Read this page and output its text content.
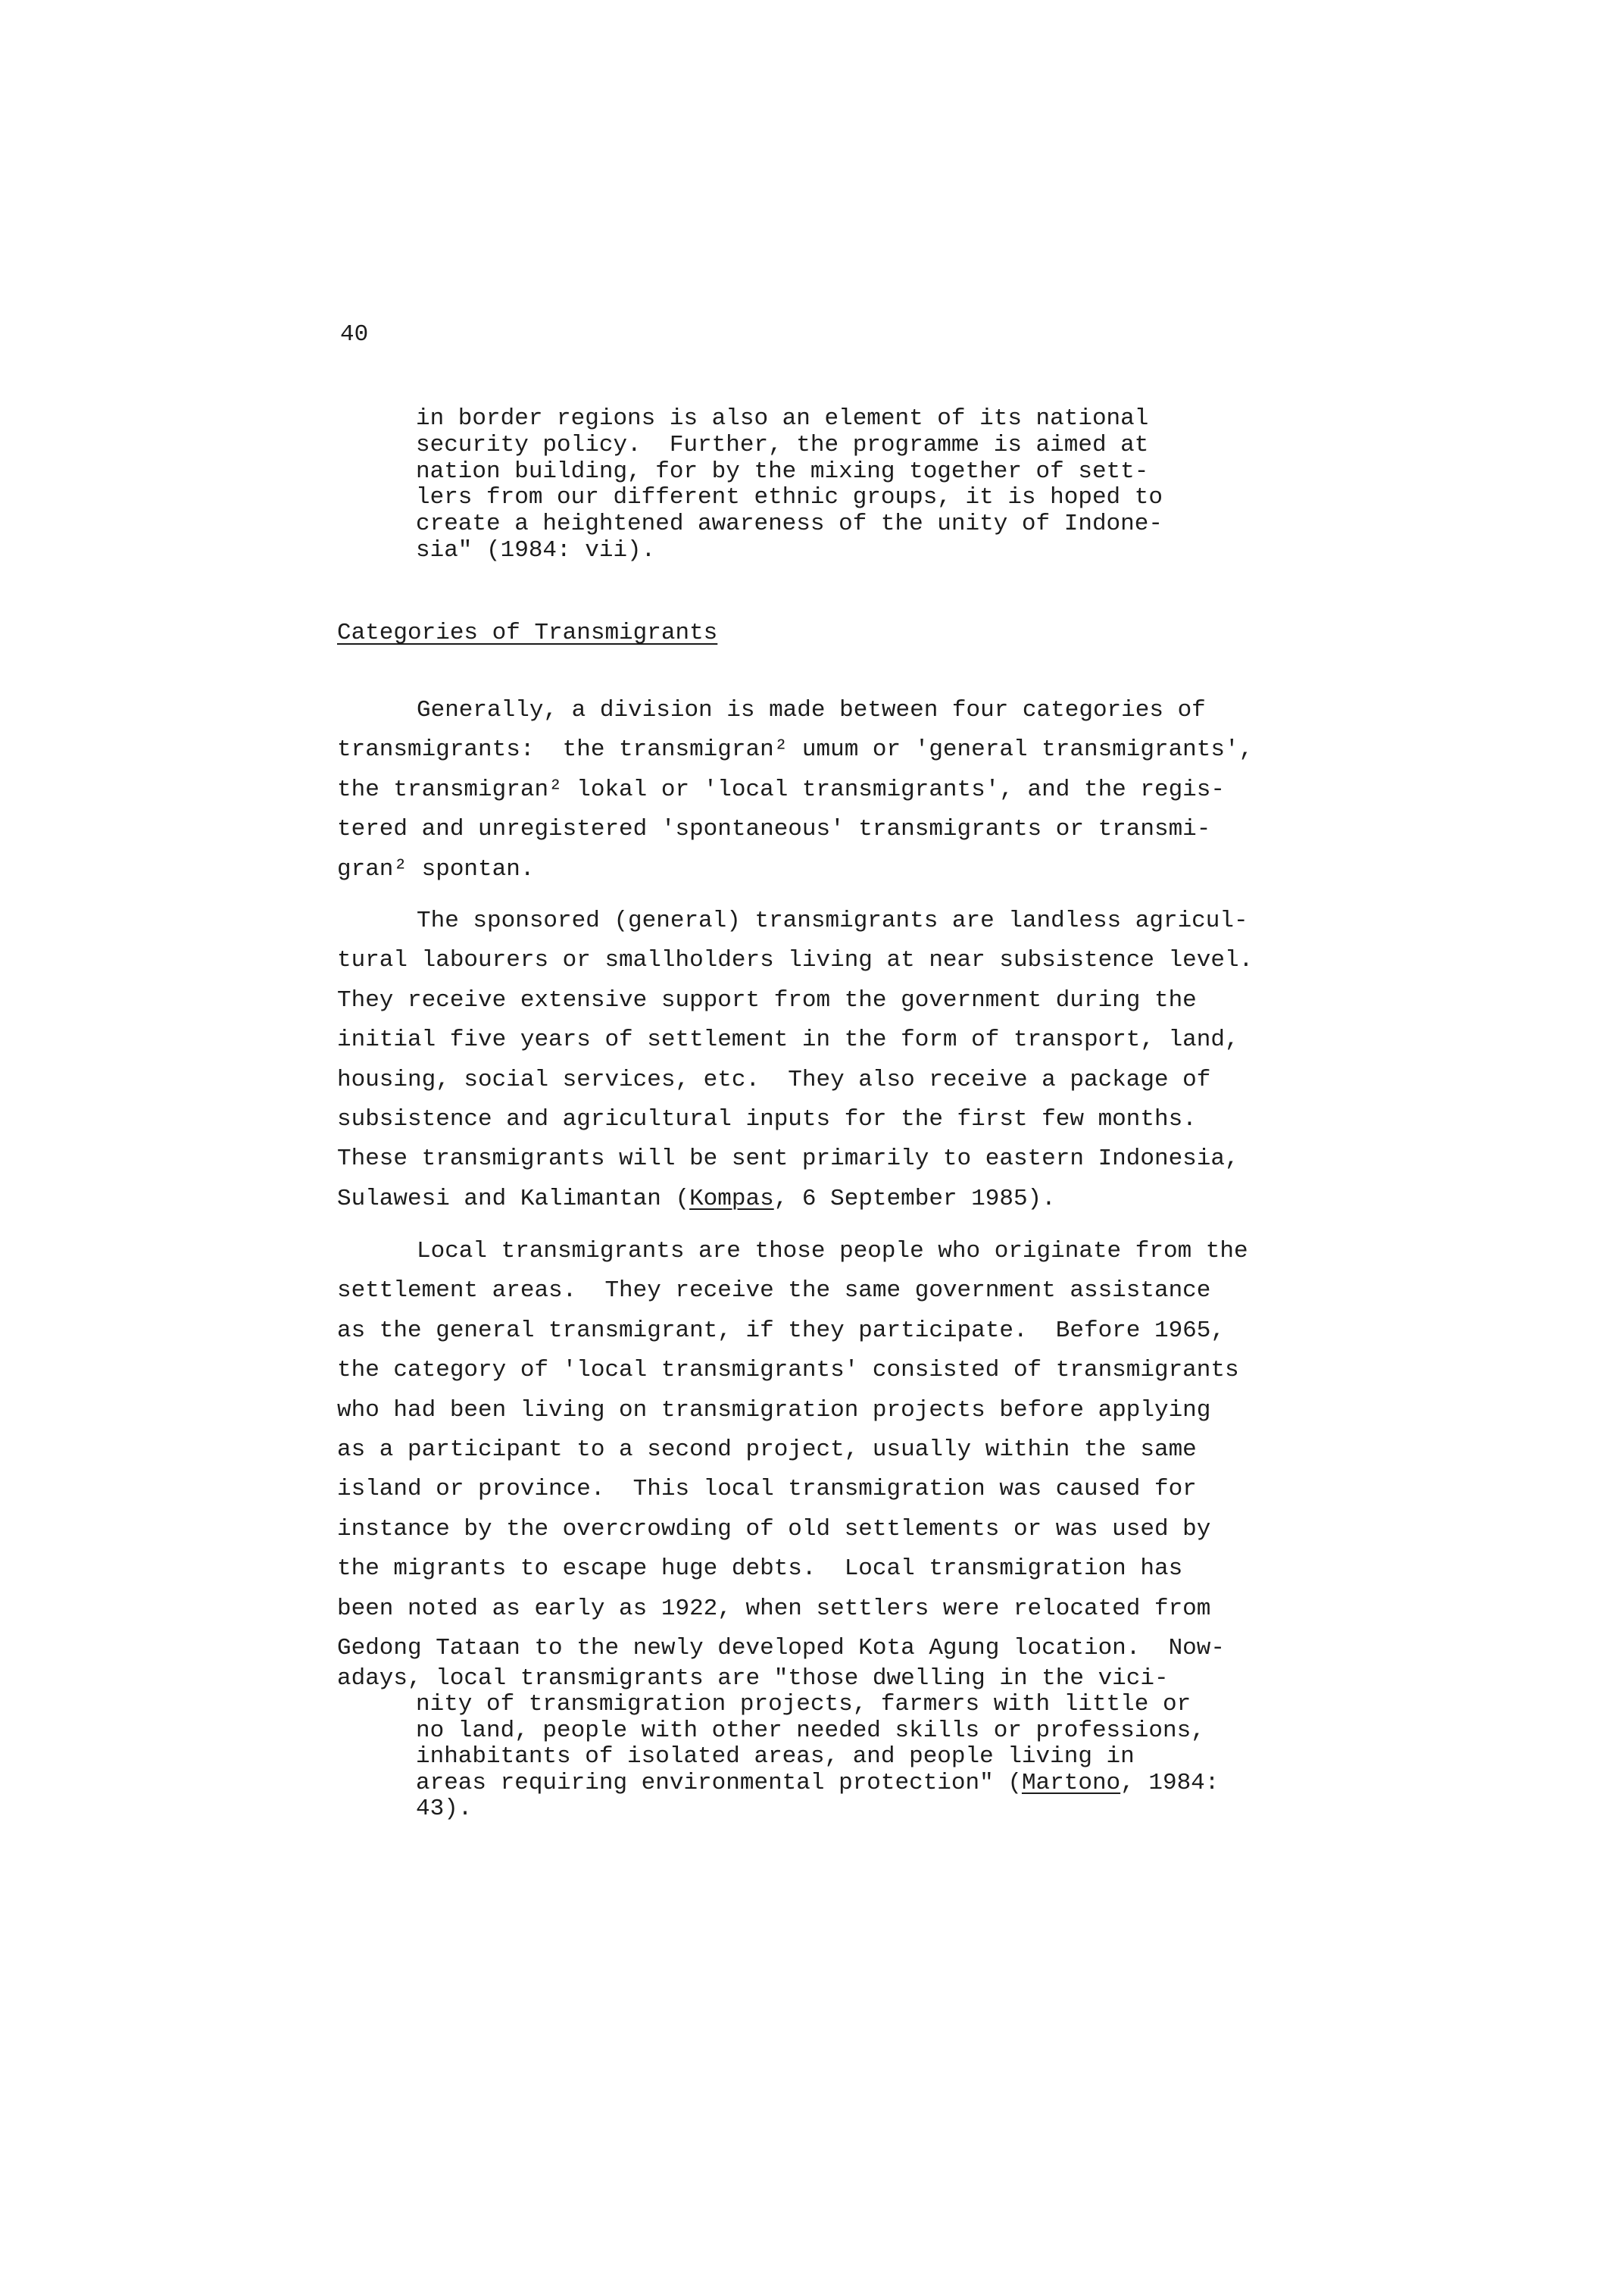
40
in border regions is also an element of its national
security policy.  Further, the programme is aimed at
nation building, for by the mixing together of sett-
lers from our different ethnic groups, it is hoped to
create a heightened awareness of the unity of Indone-
sia" (1984: vii).
Categories of Transmigrants
Generally, a division is made between four categories of
transmigrants:  the transmigran² umum or 'general transmigrants',
the transmigran² lokal or 'local transmigrants', and the regis-
tered and unregistered 'spontaneous' transmigrants or transmi-
gran² spontan.
The sponsored (general) transmigrants are landless agricul-
tural labourers or smallholders living at near subsistence level.
They receive extensive support from the government during the
initial five years of settlement in the form of transport, land,
housing, social services, etc.  They also receive a package of
subsistence and agricultural inputs for the first few months.
These transmigrants will be sent primarily to eastern Indonesia,
Sulawesi and Kalimantan (Kompas, 6 September 1985).
Local transmigrants are those people who originate from the
settlement areas.  They receive the same government assistance
as the general transmigrant, if they participate.  Before 1965,
the category of 'local transmigrants' consisted of transmigrants
who had been living on transmigration projects before applying
as a participant to a second project, usually within the same
island or province.  This local transmigration was caused for
instance by the overcrowding of old settlements or was used by
the migrants to escape huge debts.  Local transmigration has
been noted as early as 1922, when settlers were relocated from
Gedong Tataan to the newly developed Kota Agung location.  Now-
adays, local transmigrants are "those dwelling in the vici-
nity of transmigration projects, farmers with little or
no land, people with other needed skills or professions,
inhabitants of isolated areas, and people living in
areas requiring environmental protection" (Martono, 1984:
43).
